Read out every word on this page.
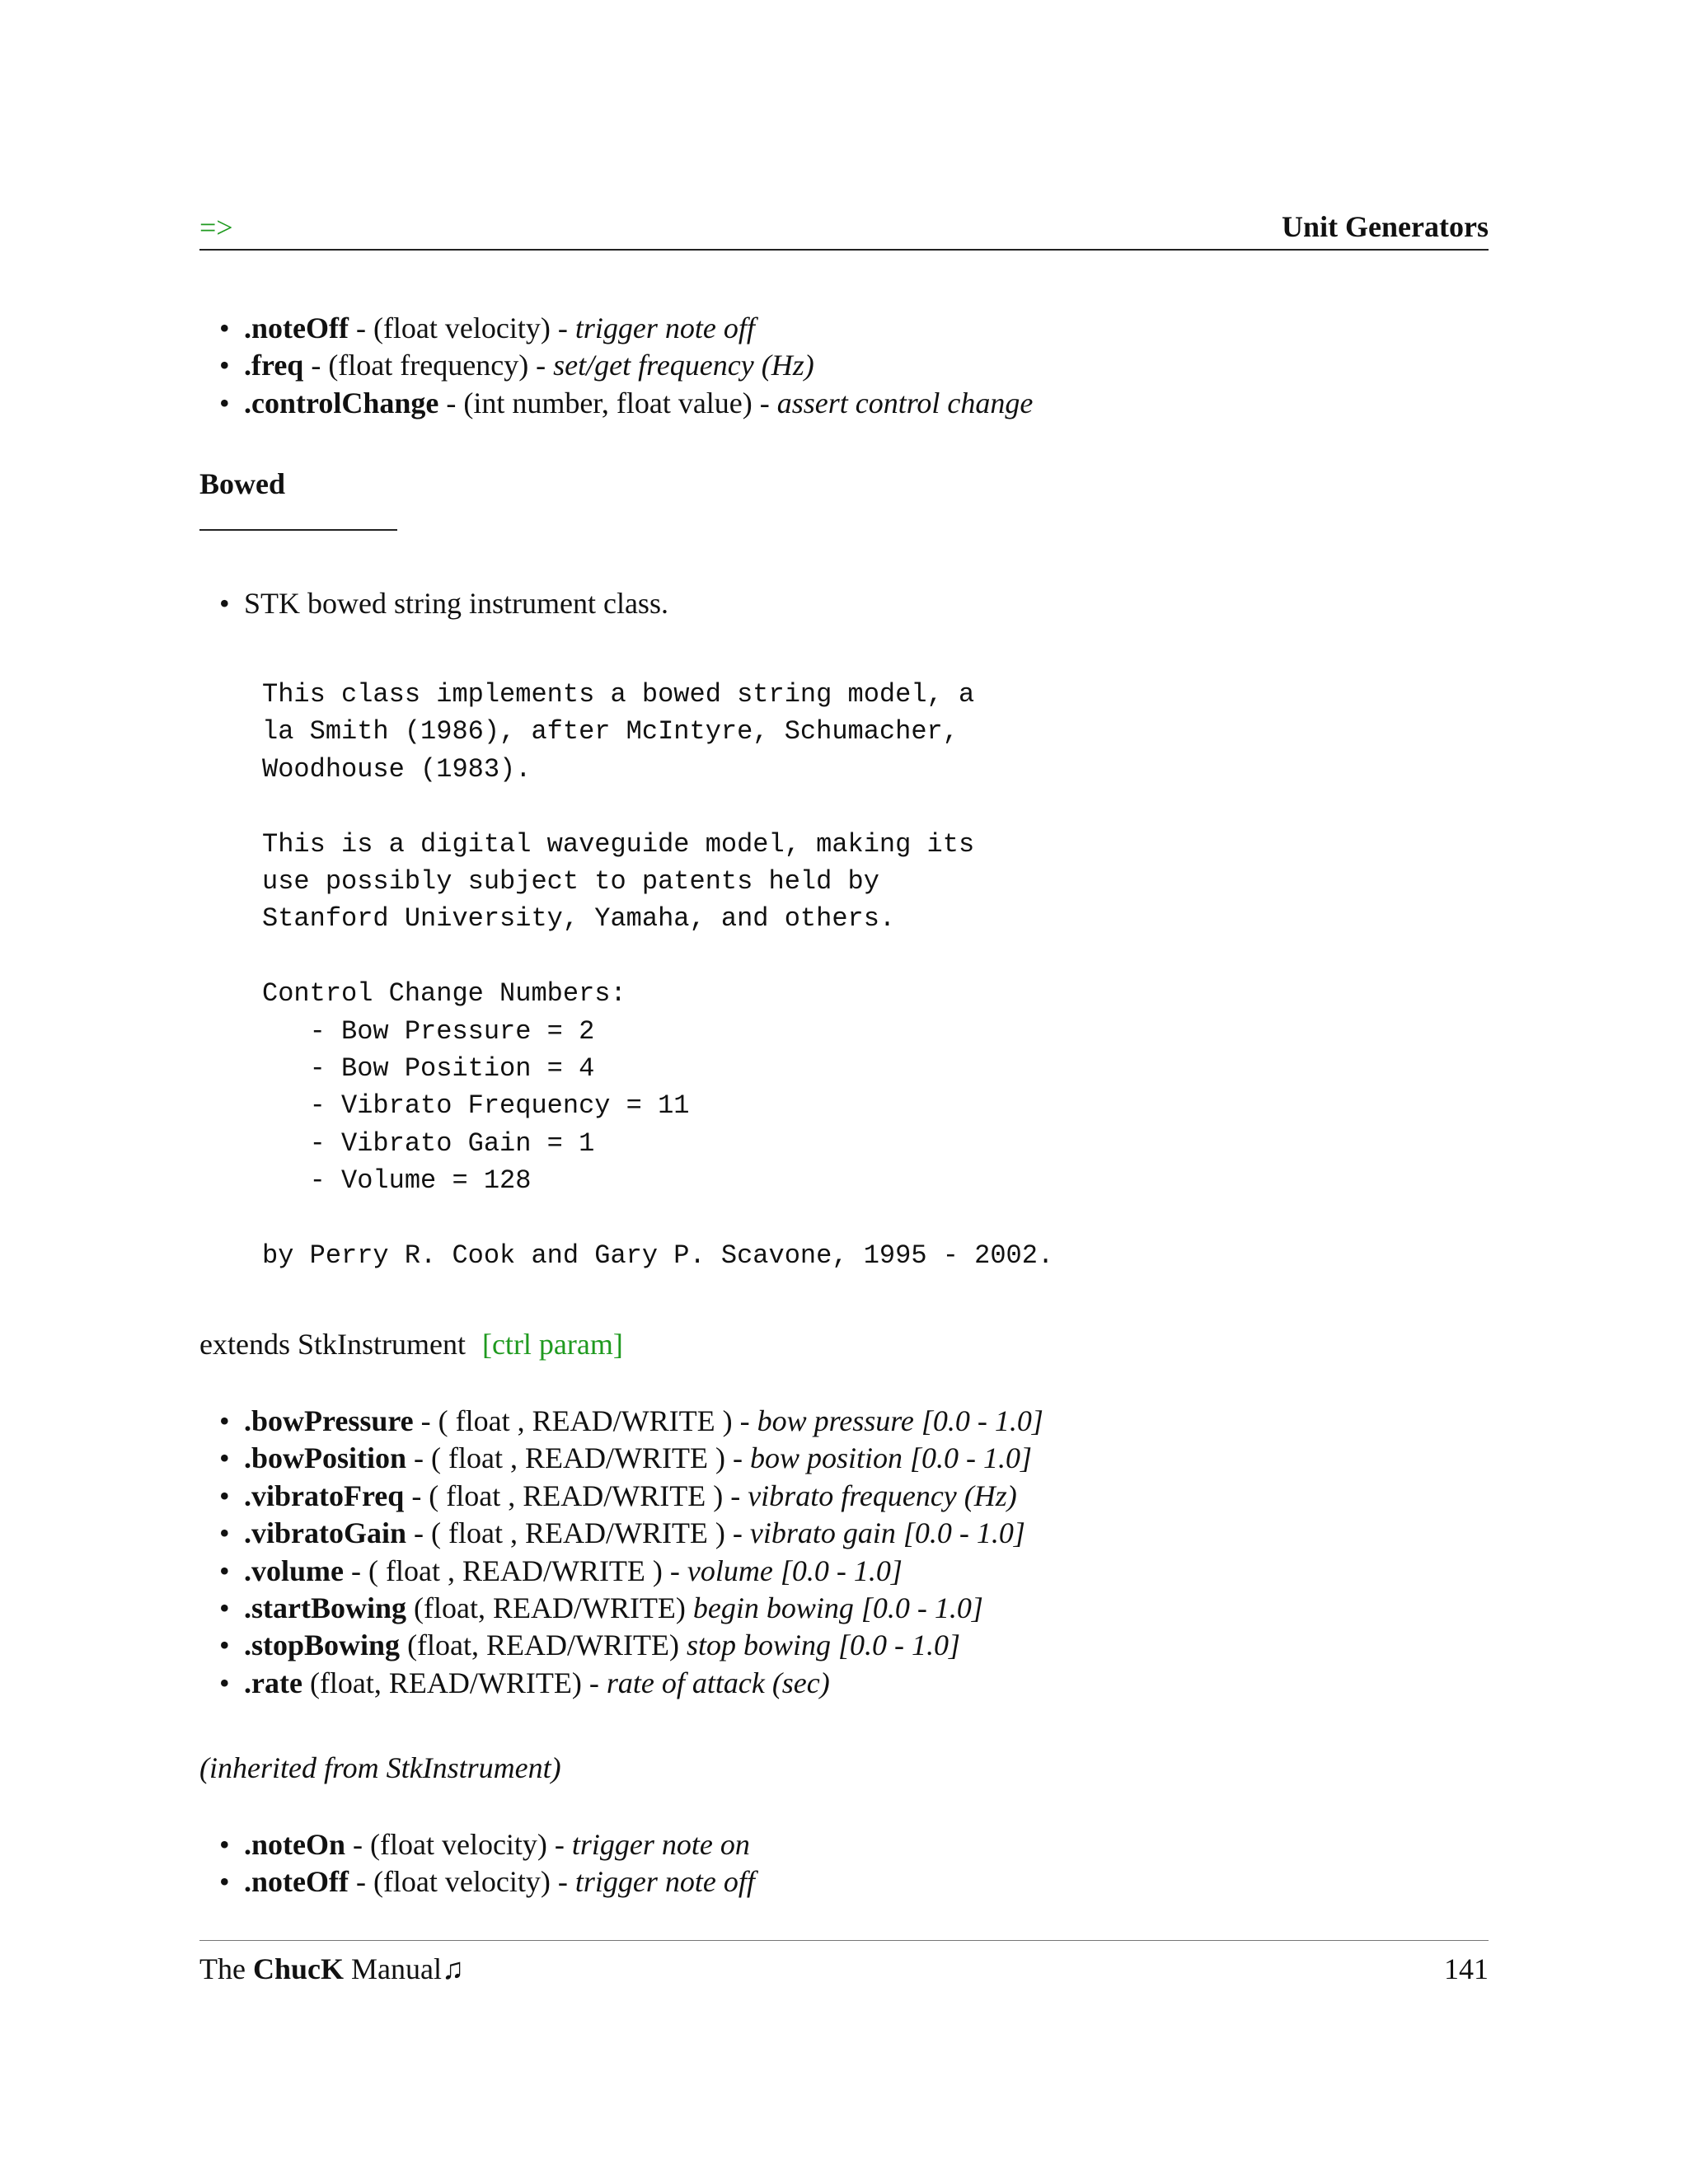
=>	Unit Generators
• .noteOff - (float velocity) - trigger note off
• .freq - (float frequency) - set/get frequency (Hz)
• .controlChange - (int number, float value) - assert control change
Bowed
• STK bowed string instrument class.
This class implements a bowed string model, a
la Smith (1986), after McIntyre, Schumacher,
Woodhouse (1983).

This is a digital waveguide model, making its
use possibly subject to patents held by
Stanford University, Yamaha, and others.

Control Change Numbers:
- Bow Pressure = 2
- Bow Position = 4
- Vibrato Frequency = 11
- Vibrato Gain = 1
- Volume = 128

by Perry R. Cook and Gary P. Scavone, 1995 - 2002.
extends StkInstrument [ctrl param]
• .bowPressure - ( float , READ/WRITE ) - bow pressure [0.0 - 1.0]
• .bowPosition - ( float , READ/WRITE ) - bow position [0.0 - 1.0]
• .vibratoFreq - ( float , READ/WRITE ) - vibrato frequency (Hz)
• .vibratoGain - ( float , READ/WRITE ) - vibrato gain [0.0 - 1.0]
• .volume - ( float , READ/WRITE ) - volume [0.0 - 1.0]
• .startBowing (float, READ/WRITE) begin bowing [0.0 - 1.0]
• .stopBowing (float, READ/WRITE) stop bowing [0.0 - 1.0]
• .rate (float, READ/WRITE) - rate of attack (sec)
(inherited from StkInstrument)
• .noteOn - (float velocity) - trigger note on
• .noteOff - (float velocity) - trigger note off
The ChucK Manual♫	141
